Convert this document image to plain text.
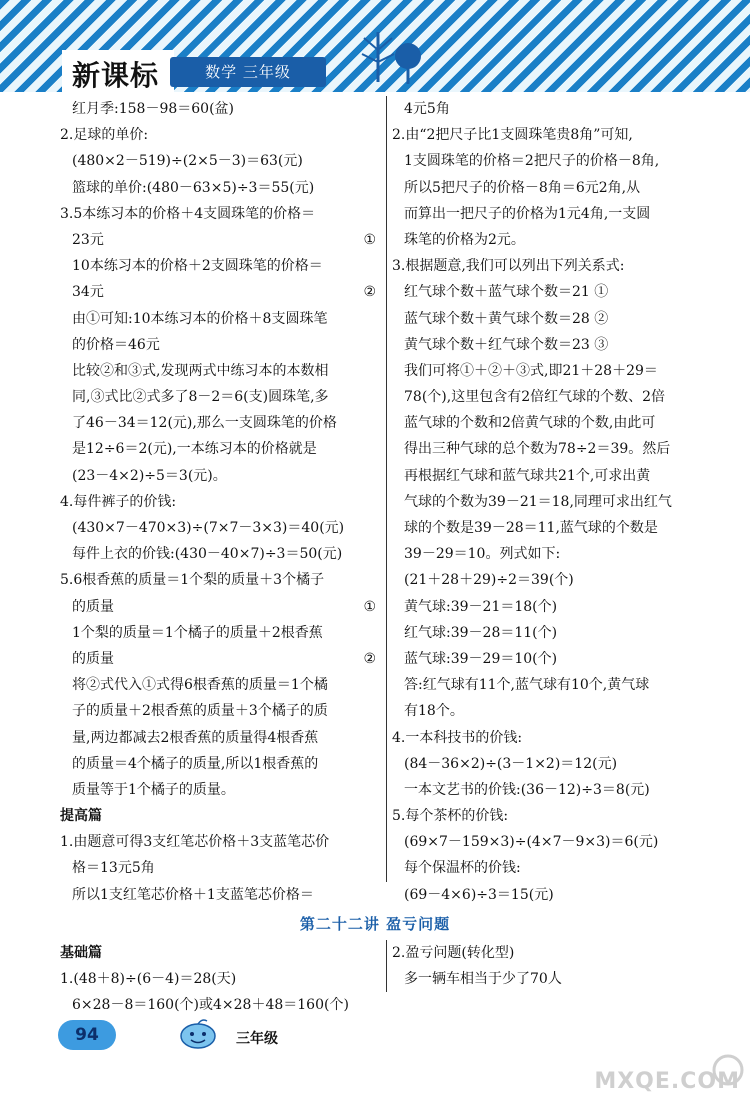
新课标	数学 三年级
红月季:158－98＝60(盆)
2.足球的单价:
(480×2－519)÷(2×5－3)＝63(元)
篮球的单价:(480－63×5)÷3＝55(元)
3.5本练习本的价格＋4支圆珠笔的价格＝
23元	①
10本练习本的价格＋2支圆珠笔的价格＝
34元	②
由①可知:10本练习本的价格＋8支圆珠笔
的价格＝46元
比较②和③式,发现两式中练习本的本数相
同,③式比②式多了8－2＝6(支)圆珠笔,多
了46－34＝12(元),那么一支圆珠笔的价格
是12÷6＝2(元),一本练习本的价格就是
(23－4×2)÷5＝3(元)。
4.每件裤子的价钱:
(430×7－470×3)÷(7×7－3×3)＝40(元)
每件上衣的价钱:(430－40×7)÷3＝50(元)
5.6根香蕉的质量＝1个梨的质量＋3个橘子
的质量	①
1个梨的质量＝1个橘子的质量＋2根香蕉
的质量	②
将②式代入①式得6根香蕉的质量＝1个橘
子的质量＋2根香蕉的质量＋3个橘子的质
量,两边都减去2根香蕉的质量得4根香蕉
的质量＝4个橘子的质量,所以1根香蕉的
质量等于1个橘子的质量。
提高篇
1.由题意可得3支红笔芯价格＋3支蓝笔芯价
格＝13元5角
所以1支红笔芯价格＋1支蓝笔芯价格＝
4元5角
2.由“2把尺子比1支圆珠笔贵8角”可知,
1支圆珠笔的价格＝2把尺子的价格－8角,
所以5把尺子的价格－8角＝6元2角,从
而算出一把尺子的价格为1元4角,一支圆
珠笔的价格为2元。
3.根据题意,我们可以列出下列关系式:
红气球个数＋蓝气球个数＝21 ①
蓝气球个数＋黄气球个数＝28 ②
黄气球个数＋红气球个数＝23 ③
我们可将①＋②＋③式,即21＋28＋29＝
78(个),这里包含有2倍红气球的个数、2倍
蓝气球的个数和2倍黄气球的个数,由此可
得出三种气球的总个数为78÷2＝39。然后
再根据红气球和蓝气球共21个,可求出黄
气球的个数为39－21＝18,同理可求出红气
球的个数是39－28＝11,蓝气球的个数是
39－29＝10。列式如下:
(21＋28＋29)÷2＝39(个)
黄气球:39－21＝18(个)
红气球:39－28＝11(个)
蓝气球:39－29＝10(个)
答:红气球有11个,蓝气球有10个,黄气球
有18个。
4.一本科技书的价钱:
(84－36×2)÷(3－1×2)＝12(元)
一本文艺书的价钱:(36－12)÷3＝8(元)
5.每个茶杯的价钱:
(69×7－159×3)÷(4×7－9×3)＝6(元)
每个保温杯的价钱:
(69－4×6)÷3＝15(元)
第二十二讲 盈亏问题
基础篇
1.(48＋8)÷(6－4)＝28(天)
6×28－8＝160(个)或4×28＋48＝160(个)
2.盈亏问题(转化型)
多一辆车相当于少了70人
94	三年级
MXQE.COM
